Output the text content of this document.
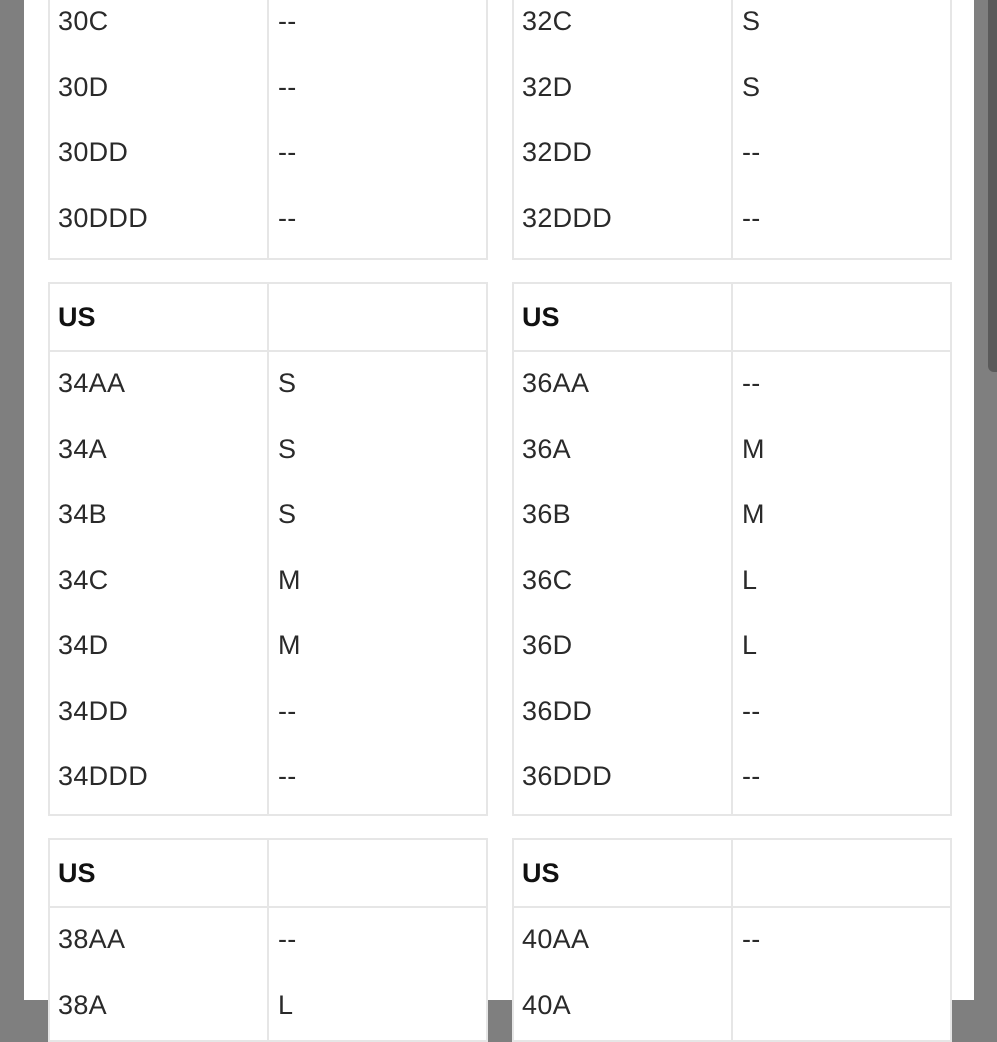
30C	--
30D	--
30DD	--
30DDD	--
32C	S
32D	S
32DD	--
32DDD	--
US
34AA	S
34A	S
34B	S
34C	M
34D	M
34DD	--
34DDD	--
US
36AA	--
36A	M
36B	M
36C	L
36D	L
36DD	--
36DDD	--
US
38AA	--
38A	L
US
40AA	--
40A
